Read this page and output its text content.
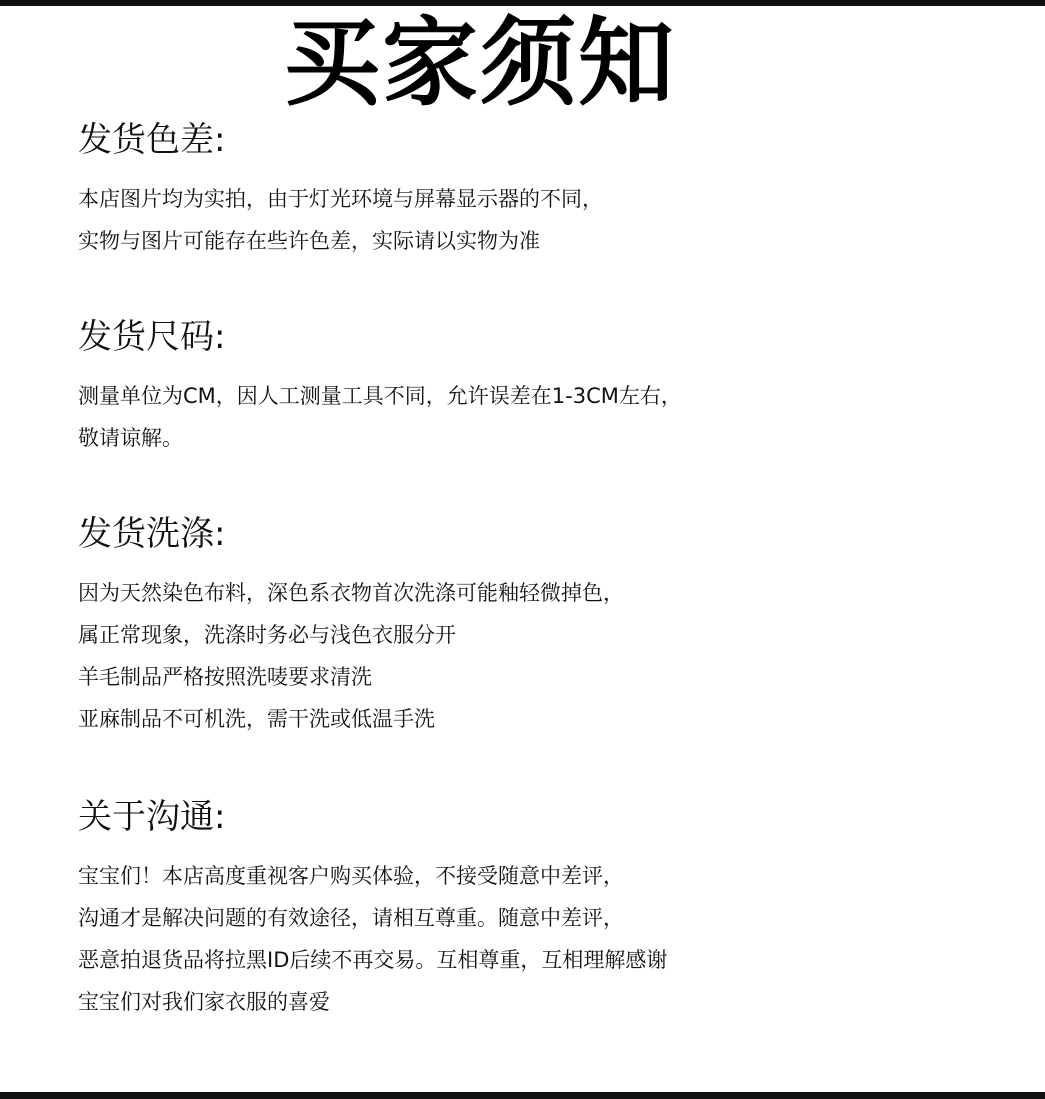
买家须知
发货色差:
本店图片均为实拍，由于灯光环境与屏幕显示器的不同，
实物与图片可能存在些许色差，实际请以实物为准
发货尺码:
测量单位为CM，因人工测量工具不同，允许误差在1-3CM左右，
敬请谅解。
发货洗涤:
因为天然染色布料，深色系衣物首次洗涤可能釉轻微掉色，
属正常现象，洗涤时务必与浅色衣服分开
羊毛制品严格按照洗唛要求清洗
亚麻制品不可机洗，需干洗或低温手洗
关于沟通:
宝宝们！本店高度重视客户购买体验，不接受随意中差评，
沟通才是解决问题的有效途径，请相互尊重。随意中差评，
恶意拍退货品将拉黑ID后续不再交易。互相尊重，互相理解感谢
宝宝们对我们家衣服的喜爱
